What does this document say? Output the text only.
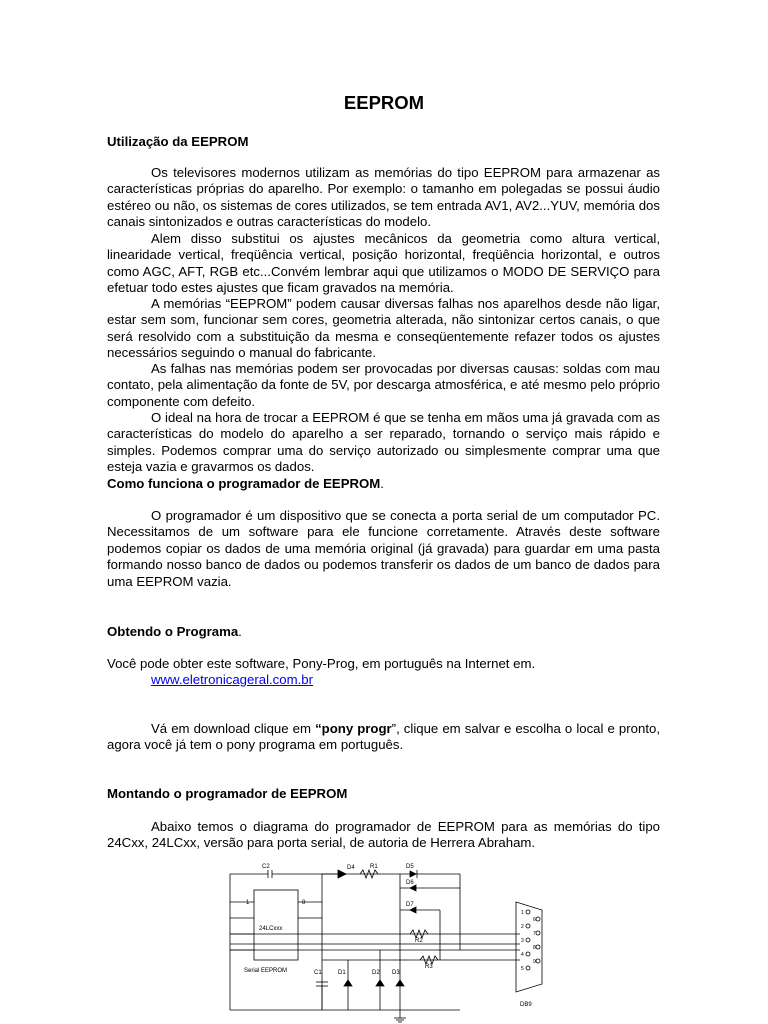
EEPROM
Utilização da EEPROM

Os televisores modernos utilizam as memórias do tipo EEPROM para armazenar as características próprias do aparelho. Por exemplo: o tamanho em polegadas se possui áudio estéreo ou não, os sistemas de cores utilizados, se tem entrada AV1, AV2...YUV, memória dos canais sintonizados e outras características do modelo.

Alem disso substitui os ajustes mecânicos da geometria como altura vertical, linearidade vertical, freqüência vertical, posição horizontal, freqüência horizontal, e outros como AGC, AFT, RGB etc...Convém lembrar aqui que utilizamos o MODO DE SERVIÇO para efetuar todo estes ajustes que ficam gravados na memória.

A memórias “EEPROM” podem causar diversas falhas nos aparelhos desde não ligar, estar sem som, funcionar sem cores, geometria alterada, não sintonizar certos canais, o que será resolvido com a substituição da mesma e conseqüentemente refazer todos os ajustes necessários seguindo o manual do fabricante.

As falhas nas memórias podem ser provocadas por diversas causas: soldas com mau contato, pela alimentação da fonte de 5V, por descarga atmosférica, e até mesmo pelo próprio componente com defeito.

O ideal na hora de trocar a EEPROM é que se tenha em mãos uma já gravada com as características do modelo do aparelho a ser reparado, tornando o serviço mais rápido e simples. Podemos comprar uma do serviço autorizado ou simplesmente comprar uma que esteja vazia e gravarmos os dados.

Como funciona o programador de EEPROM.

O programador é um dispositivo que se conecta a porta serial de um computador PC. Necessitamos de um software para ele funcione corretamente. Através deste software podemos copiar os dados de uma memória original (já gravada) para guardar em uma pasta formando nosso banco de dados ou podemos transferir os dados de um banco de dados para uma EEPROM vazia.

Obtendo o Programa.
Você pode obter este software, Pony-Prog, em português na Internet em.
www.eletronicageral.com.br

Vá em download clique em “pony progr”, clique em salvar e escolha o local e pronto, agora você já tem o pony programa em português.

Montando o programador de EEPROM

Abaixo temos o diagrama do programador de EEPROM para as memórias do tipo 24Cxx, 24LCxx, versão para porta serial, de autoria de Herrera Abraham.

C2
24LCxxx
Serial EEPROM
1	8
D4	R1	D5
D6
D7
R2
R3
C1	D1	D2 D3
1
2
3
4
5
6
7
8
9
DB9
